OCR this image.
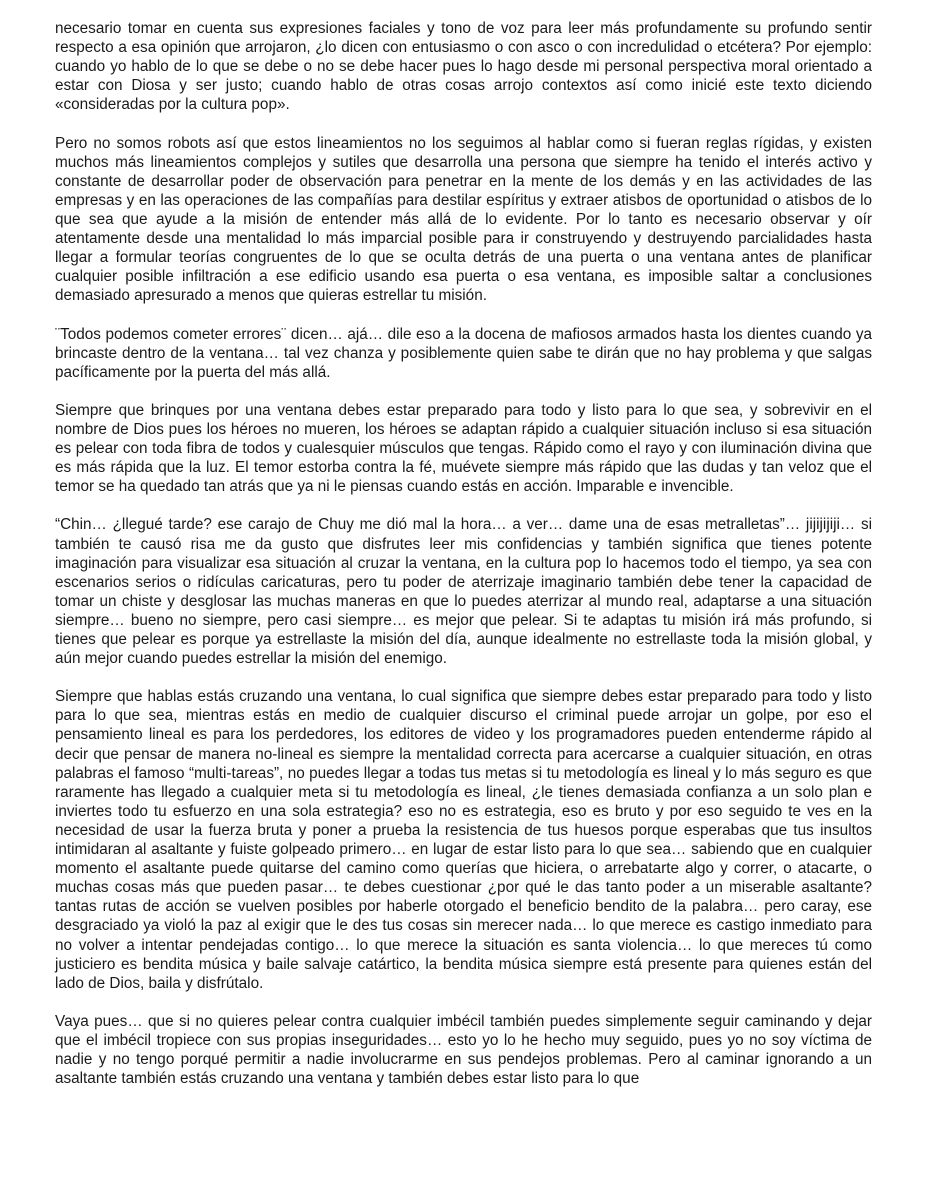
necesario tomar en cuenta sus expresiones faciales y tono de voz para leer más profundamente su profundo sentir respecto a esa opinión que arrojaron, ¿lo dicen con entusiasmo o con asco o con incredulidad o etcétera? Por ejemplo: cuando yo hablo de lo que se debe o no se debe hacer pues lo hago desde mi personal perspectiva moral orientado a estar con Diosa y ser justo; cuando hablo de otras cosas arrojo contextos así como inicié este texto diciendo «consideradas por la cultura pop».

Pero no somos robots así que estos lineamientos no los seguimos al hablar como si fueran reglas rígidas, y existen muchos más lineamientos complejos y sutiles que desarrolla una persona que siempre ha tenido el interés activo y constante de desarrollar poder de observación para penetrar en la mente de los demás y en las actividades de las empresas y en las operaciones de las compañías para destilar espíritus y extraer atisbos de oportunidad o atisbos de lo que sea que ayude a la misión de entender más allá de lo evidente. Por lo tanto es necesario observar y oír atentamente desde una mentalidad lo más imparcial posible para ir construyendo y destruyendo parcialidades hasta llegar a formular teorías congruentes de lo que se oculta detrás de una puerta o una ventana antes de planificar cualquier posible infiltración a ese edificio usando esa puerta o esa ventana, es imposible saltar a conclusiones demasiado apresurado a menos que quieras estrellar tu misión.

¨Todos podemos cometer errores¨ dicen… ajá… dile eso a la docena de mafiosos armados hasta los dientes cuando ya brincaste dentro de la ventana… tal vez chanza y posiblemente quien sabe te dirán que no hay problema y que salgas pacíficamente por la puerta del más allá.

Siempre que brinques por una ventana debes estar preparado para todo y listo para lo que sea, y sobrevivir en el nombre de Dios pues los héroes no mueren, los héroes se adaptan rápido a cualquier situación incluso si esa situación es pelear con toda fibra de todos y cualesquier músculos que tengas. Rápido como el rayo y con iluminación divina que es más rápida que la luz. El temor estorba contra la fé, muévete siempre más rápido que las dudas y tan veloz que el temor se ha quedado tan atrás que ya ni le piensas cuando estás en acción. Imparable e invencible.

“Chin… ¿llegué tarde? ese carajo de Chuy me dió mal la hora… a ver… dame una de esas metralletas”… jijijijiji… si también te causó risa me da gusto que disfrutes leer mis confidencias y también significa que tienes potente imaginación para visualizar esa situación al cruzar la ventana, en la cultura pop lo hacemos todo el tiempo, ya sea con escenarios serios o ridículas caricaturas, pero tu poder de aterrizaje imaginario también debe tener la capacidad de tomar un chiste y desglosar las muchas maneras en que lo puedes aterrizar al mundo real, adaptarse a una situación siempre… bueno no siempre, pero casi siempre… es mejor que pelear. Si te adaptas tu misión irá más profundo, si tienes que pelear es porque ya estrellaste la misión del día, aunque idealmente no estrellaste toda la misión global, y aún mejor cuando puedes estrellar la misión del enemigo.

Siempre que hablas estás cruzando una ventana, lo cual significa que siempre debes estar preparado para todo y listo para lo que sea, mientras estás en medio de cualquier discurso el criminal puede arrojar un golpe, por eso el pensamiento lineal es para los perdedores, los editores de video y los programadores pueden entenderme rápido al decir que pensar de manera no-lineal es siempre la mentalidad correcta para acercarse a cualquier situación, en otras palabras el famoso “multi-tareas”, no puedes llegar a todas tus metas si tu metodología es lineal y lo más seguro es que raramente has llegado a cualquier meta si tu metodología es lineal, ¿le tienes demasiada confianza a un solo plan e inviertes todo tu esfuerzo en una sola estrategia? eso no es estrategia, eso es bruto y por eso seguido te ves en la necesidad de usar la fuerza bruta y poner a prueba la resistencia de tus huesos porque esperabas que tus insultos intimidaran al asaltante y fuiste golpeado primero… en lugar de estar listo para lo que sea… sabiendo que en cualquier momento el asaltante puede quitarse del camino como querías que hiciera, o arrebatarte algo y correr, o atacarte, o muchas cosas más que pueden pasar… te debes cuestionar ¿por qué le das tanto poder a un miserable asaltante? tantas rutas de acción se vuelven posibles por haberle otorgado el beneficio bendito de la palabra… pero caray, ese desgraciado ya violó la paz al exigir que le des tus cosas sin merecer nada… lo que merece es castigo inmediato para no volver a intentar pendejadas contigo… lo que merece la situación es santa violencia… lo que mereces tú como justiciero es bendita música y baile salvaje catártico, la bendita música siempre está presente para quienes están del lado de Dios, baila y disfrútalo.

Vaya pues… que si no quieres pelear contra cualquier imbécil también puedes simplemente seguir caminando y dejar que el imbécil tropiece con sus propias inseguridades… esto yo lo he hecho muy seguido, pues yo no soy víctima de nadie y no tengo porqué permitir a nadie involucrarme en sus pendejos problemas. Pero al caminar ignorando a un asaltante también estás cruzando una ventana y también debes estar listo para lo que
